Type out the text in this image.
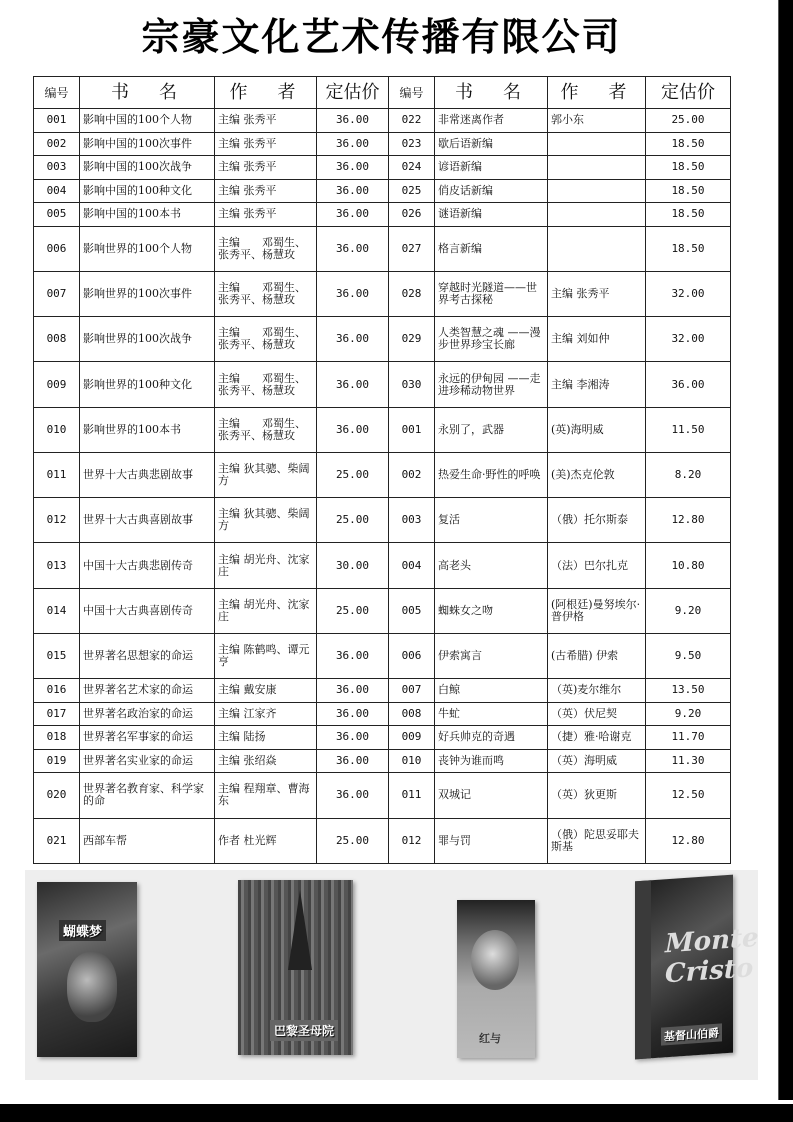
宗豪文化艺术传播有限公司
编号	书　名	作　者	定估价	编号	书　名	作　者	定估价
001	影响中国的100个人物	主编 张秀平	36.00	022	非常迷离作者	郭小东	25.00
002	影响中国的100次事件	主编 张秀平	36.00	023	歇后语新编		18.50
003	影响中国的100次战争	主编 张秀平	36.00	024	谚语新编		18.50
004	影响中国的100种文化	主编 张秀平	36.00	025	俏皮话新编		18.50
005	影响中国的100本书	主编 张秀平	36.00	026	谜语新编		18.50
006	影响世界的100个人物	主编　　邓蜀生、张秀平、杨慧玫	36.00	027	格言新编		18.50
007	影响世界的100次事件	主编　　邓蜀生、张秀平、杨慧玫	36.00	028	穿越时光隧道——世界考古探秘	主编 张秀平	32.00
008	影响世界的100次战争	主编　　邓蜀生、张秀平、杨慧玫	36.00	029	人类智慧之魂 ——漫步世界珍宝长廊	主编 刘如仲	32.00
009	影响世界的100种文化	主编　　邓蜀生、张秀平、杨慧玫	36.00	030	永远的伊甸园 ——走进珍稀动物世界	主编 李湘涛	36.00
010	影响世界的100本书	主编　　邓蜀生、张秀平、杨慧玫	36.00	001	永别了，武器	(英)海明威	11.50
011	世界十大古典悲剧故事	主编 狄其骢、柴阔方	25.00	002	热爱生命·野性的呼唤	(美)杰克伦敦	8.20
012	世界十大古典喜剧故事	主编 狄其骢、柴阔方	25.00	003	复活	（俄）托尔斯泰	12.80
013	中国十大古典悲剧传奇	主编 胡光舟、沈家庄	30.00	004	高老头	（法）巴尔扎克	10.80
014	中国十大古典喜剧传奇	主编 胡光舟、沈家庄	25.00	005	蜘蛛女之吻	(阿根廷)曼努埃尔·普伊格	9.20
015	世界著名思想家的命运	主编 陈鹤鸣、谭元亨	36.00	006	伊索寓言	(古希腊) 伊索	9.50
016	世界著名艺术家的命运	主编 戴安康	36.00	007	白鲸	（英)麦尔维尔	13.50
017	世界著名政治家的命运	主编 江家齐	36.00	008	牛虻	（英）伏尼契	9.20
018	世界著名军事家的命运	主编 陆扬	36.00	009	好兵帅克的奇遇	（捷）雅·哈谢克	11.70
019	世界著名实业家的命运	主编 张绍焱	36.00	010	丧钟为谁而鸣	（英）海明威	11.30
020	世界著名教育家、科学家的命	主编 程翔章、曹海东	36.00	011	双城记	（英）狄更斯	12.50
021	西部车帮	作者 杜光辉	25.00	012	罪与罚	（俄）陀思妥耶夫斯基	12.80
蝴蝶梦
巴黎圣母院
红与
Monte Cristo
基督山伯爵
